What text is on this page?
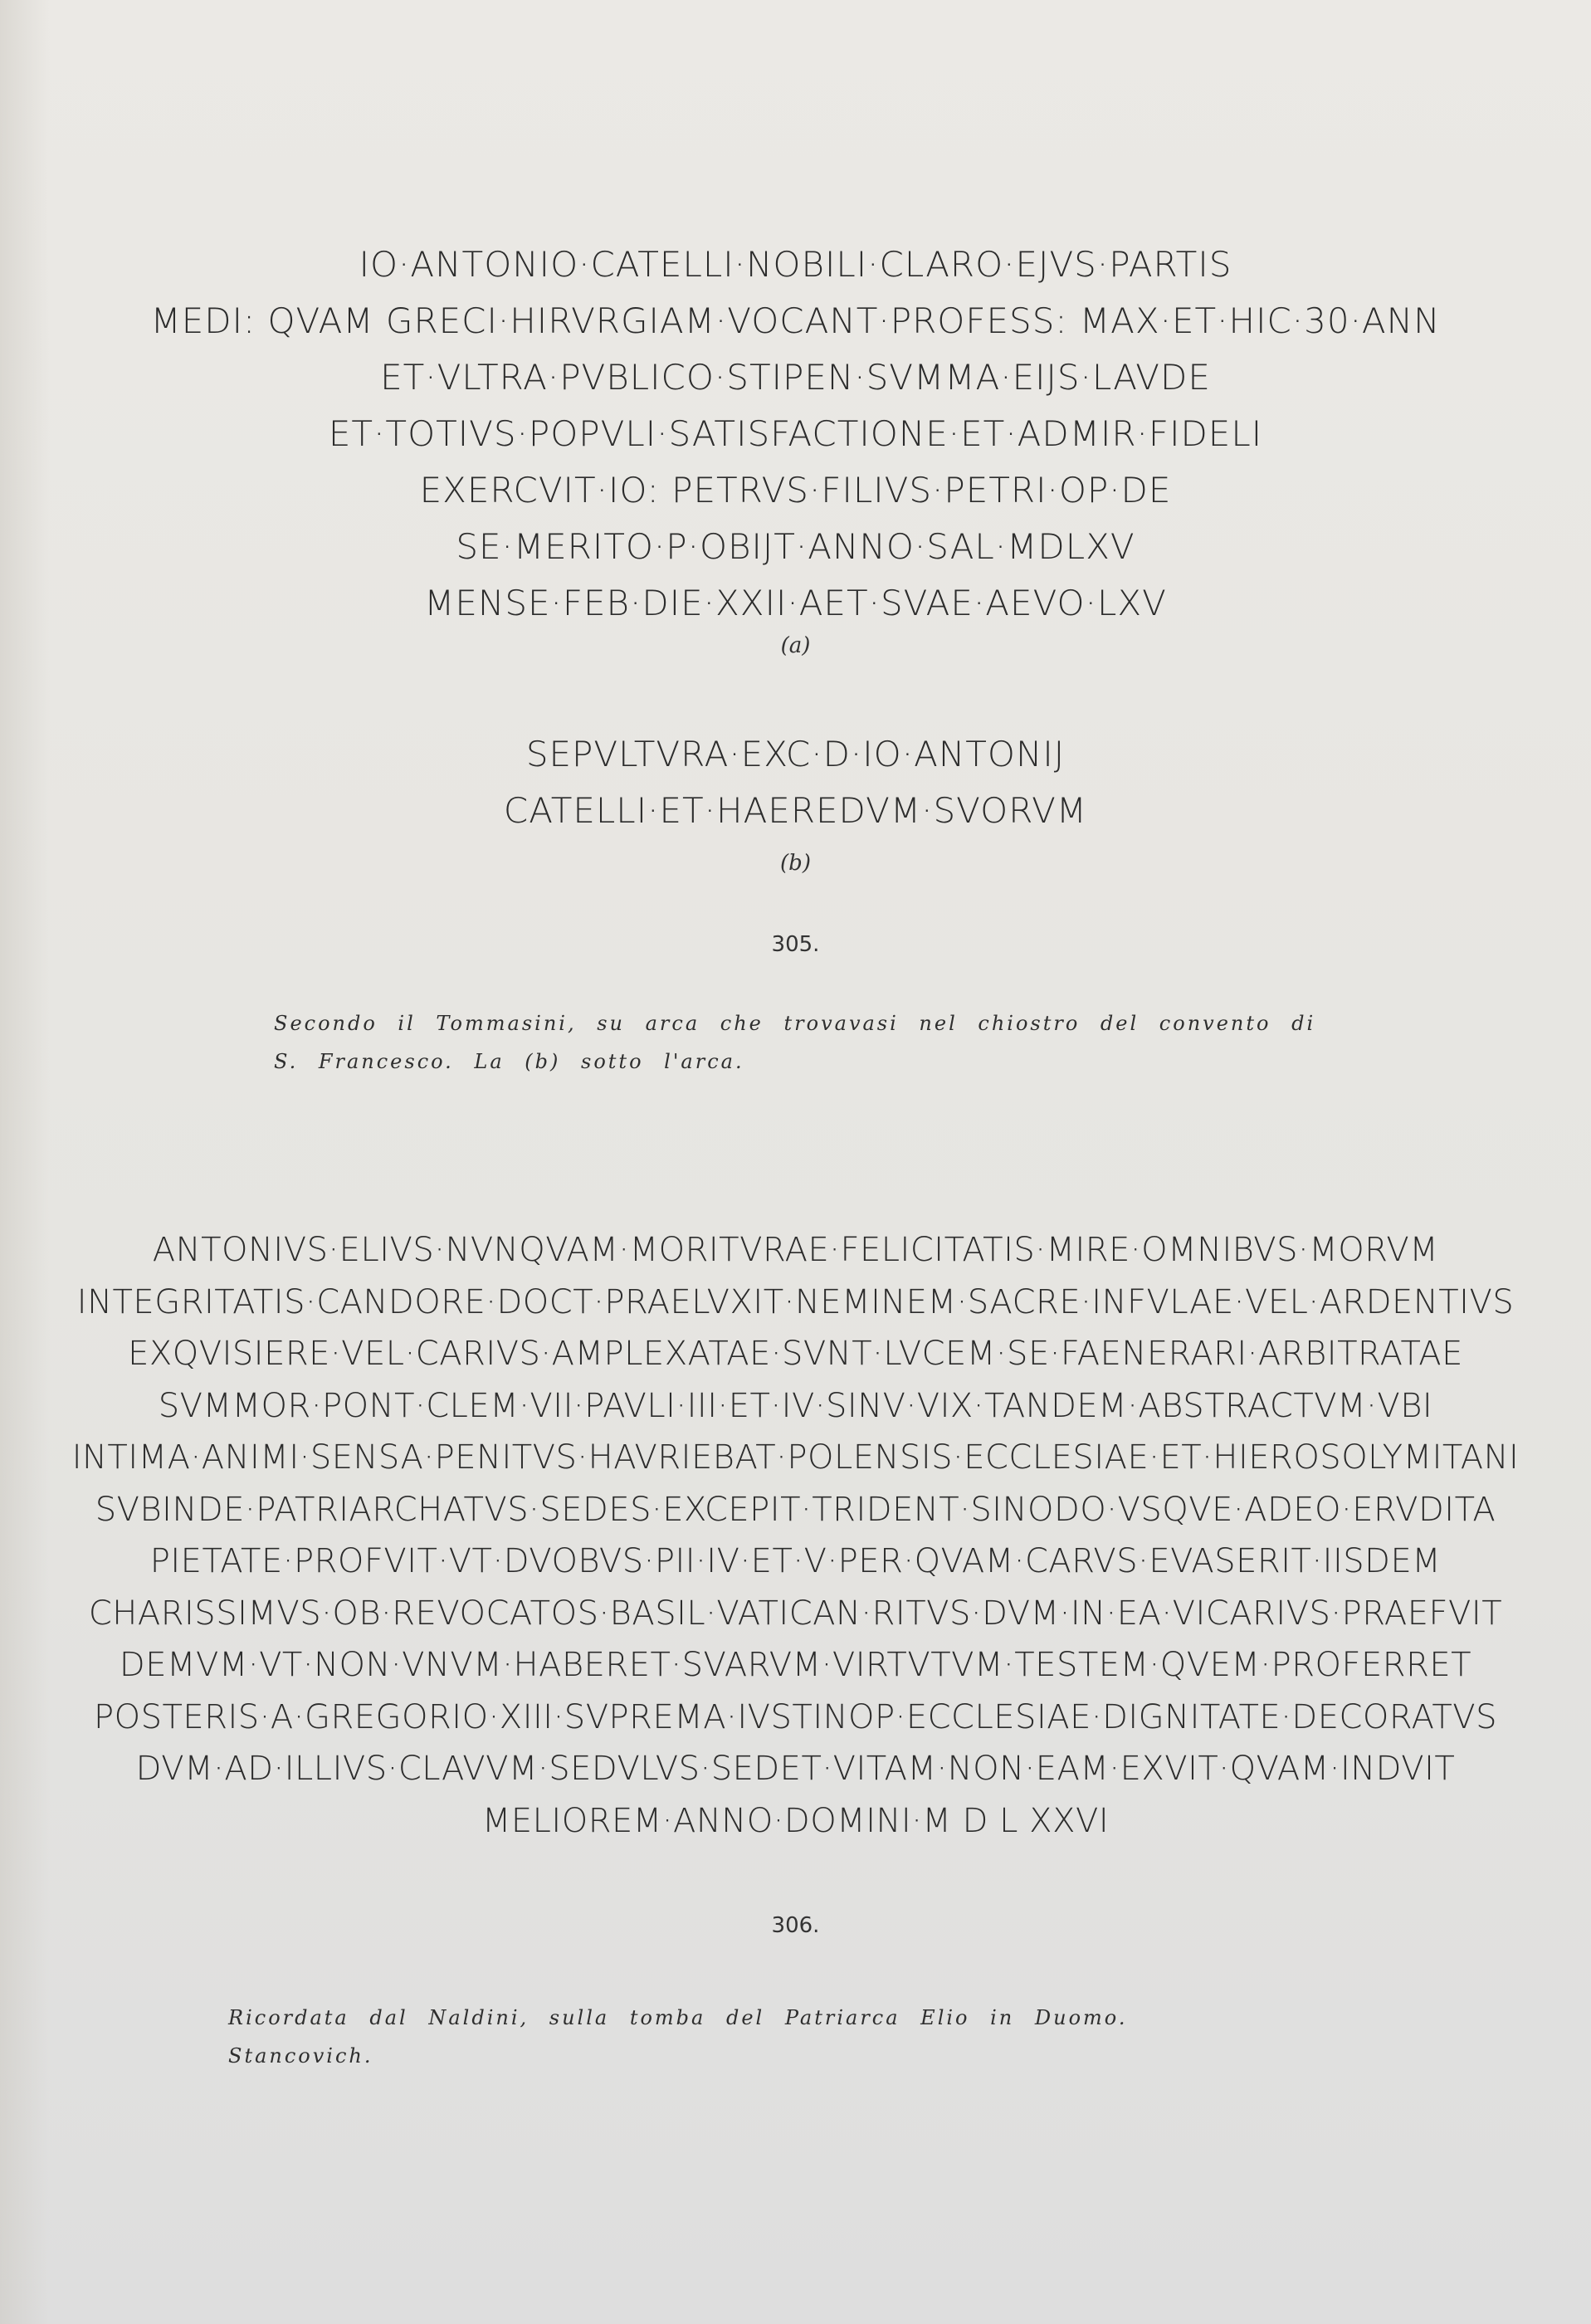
IO·ANTONIO·CATELLI·NOBILI·CLARO·EJVS·PARTIS
MEDI: QVAM GRECI·HIRVRGIAM·VOCANT·PROFESS: MAX·ET·HIC·30·ANN
ET·VLTRA·PVBLICO·STIPEN·SVMMA·EIJS·LAVDE
ET·TOTIVS·POPVLI·SATISFACTIONE·ET·ADMIR·FIDELI
EXERCVIT·IO: PETRVS·FILIVS·PETRI·OP·DE
SE·MERITO·P·OBIJT·ANNO·SAL·MDLXV
MENSE·FEB·DIE·XXII·AET·SVAE·AEVO·LXV
(a)
SEPVLTVRA·EXC·D·IO·ANTONIJ
CATELLI·ET·HAEREDVM·SVORVM
(b)
305.
Secondo il Tommasini, su arca che trovavasi nel chiostro del convento di
S. Francesco. La (b) sotto l'arca.
ANTONIVS·ELIVS·NVNQVAM·MORITVRAE·FELICITATIS·MIRE·OMNIBVS·MORVM
INTEGRITATIS·CANDORE·DOCT·PRAELVXIT·NEMINEM·SACRE·INFVLAE·VEL·ARDENTIVS
EXQVISIERE·VEL·CARIVS·AMPLEXATAE·SVNT·LVCEM·SE·FAENERARI·ARBITRATAE
SVMMOR·PONT·CLEM·VII·PAVLI·III·ET·IV·SINV·VIX·TANDEM·ABSTRACTVM·VBI
INTIMA·ANIMI·SENSA·PENITVS·HAVRIEBAT·POLENSIS·ECCLESIAE·ET·HIEROSOLYMITANI
SVBINDE·PATRIARCHATVS·SEDES·EXCEPIT·TRIDENT·SINODO·VSQVE·ADEO·ERVDITA
PIETATE·PROFVIT·VT·DVOBVS·PII·IV·ET·V·PER·QVAM·CARVS·EVASERIT·IISDEM
CHARISSIMVS·OB·REVOCATOS·BASIL·VATICAN·RITVS·DVM·IN·EA·VICARIVS·PRAEFVIT
DEMVM·VT·NON·VNVM·HABERET·SVARVM·VIRTVTVM·TESTEM·QVEM·PROFERRET
POSTERIS·A·GREGORIO·XIII·SVPREMA·IVSTINOP·ECCLESIAE·DIGNITATE·DECORATVS
DVM·AD·ILLIVS·CLAVVM·SEDVLVS·SEDET·VITAM·NON·EAM·EXVIT·QVAM·INDVIT
MELIOREM·ANNO·DOMINI·M D L XXVI
306.
Ricordata dal Naldini, sulla tomba del Patriarca Elio in Duomo.
Stancovich.
